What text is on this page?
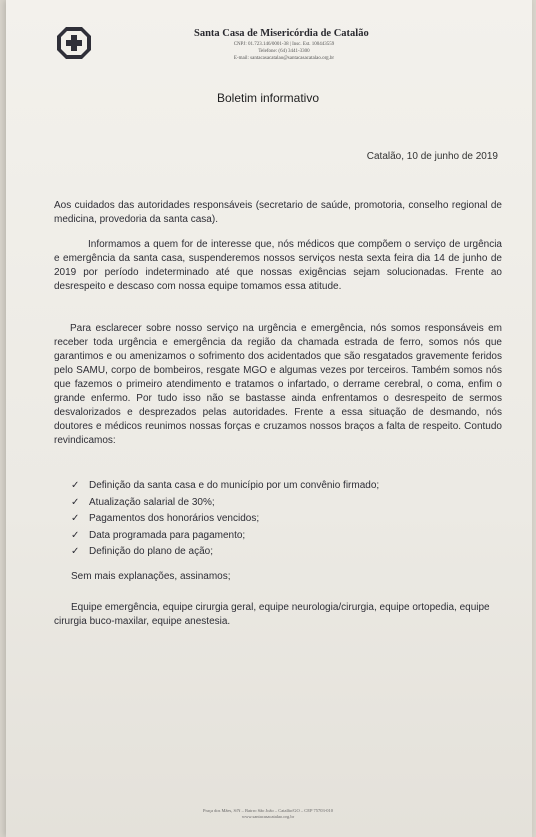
Santa Casa de Misericórdia de Catalão
CNPJ: 01.723.146/0001-38 | Insc. Est. 100443559
Telefone: (64) 3441-3300
E-mail: santacasacatalao@santacasacatalao.org.br
Boletim informativo
Catalão, 10 de junho de 2019
Aos cuidados das autoridades responsáveis (secretario de saúde, promotoria, conselho regional de medicina, provedoria da santa casa).
Informamos a quem for de interesse que, nós médicos que compõem o serviço de urgência e emergência da santa casa, suspenderemos nossos serviços nesta sexta feira dia 14 de junho de 2019 por período indeterminado até que nossas exigências sejam solucionadas. Frente ao desrespeito e descaso com nossa equipe tomamos essa atitude.
Para esclarecer sobre nosso serviço na urgência e emergência, nós somos responsáveis em receber toda urgência e emergência da região da chamada estrada de ferro, somos nós que garantimos e ou amenizamos o sofrimento dos acidentados que são resgatados gravemente feridos pelo SAMU, corpo de bombeiros, resgate MGO e algumas vezes por terceiros. Também somos nós que fazemos o primeiro atendimento e tratamos o infartado, o derrame cerebral, o coma, enfim o grande enfermo. Por tudo isso não se bastasse ainda enfrentamos o desrespeito de sermos desvalorizados e desprezados pelas autoridades. Frente a essa situação de desmando, nós doutores e médicos reunimos nossas forças e cruzamos nossos braços a falta de respeito. Contudo revindicamos:
✓ Definição da santa casa e do município por um convênio firmado;
✓ Atualização salarial de 30%;
✓ Pagamentos dos honorários vencidos;
✓ Data programada para pagamento;
✓ Definição do plano de ação;
Sem mais explanações, assinamos;
Equipe emergência, equipe cirurgia geral, equipe neurologia/cirurgia, equipe ortopedia, equipe cirurgia buco-maxilar, equipe anestesia.
Praça dos Mães, S/N – Bairro São João – Catalão/GO – CEP 75703-010
www.santacasacatalao.org.br
